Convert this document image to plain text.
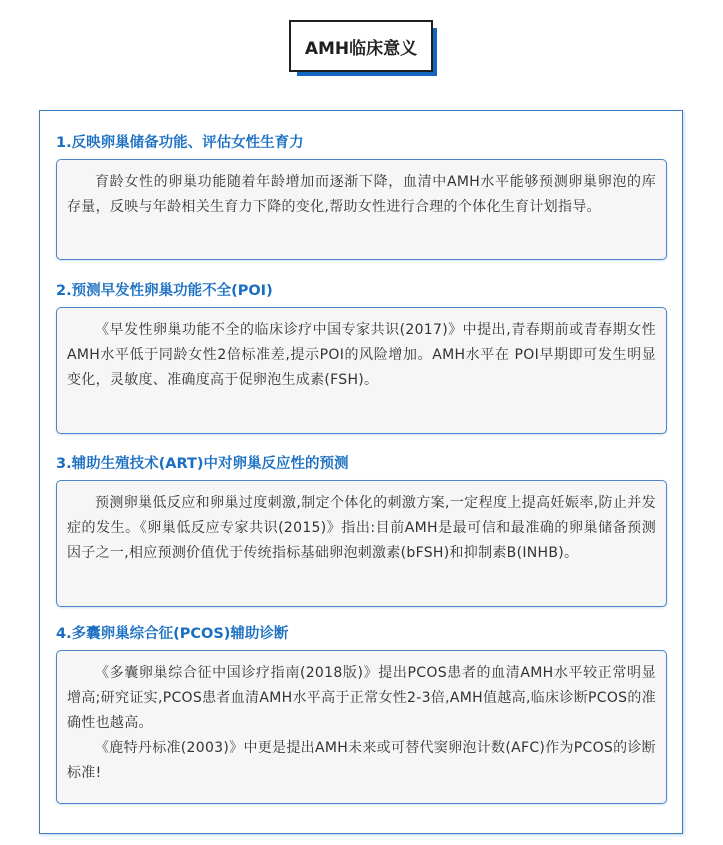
AMH临床意义
1.反映卵巢储备功能、评估女性生育力

育龄女性的卵巢功能随着年龄增加而逐渐下降，血清中AMH水平能够预测卵巢卵泡的库存量，反映与年龄相关生育力下降的变化,帮助女性进行合理的个体化生育计划指导。

2.预测早发性卵巢功能不全(POI)

《早发性卵巢功能不全的临床诊疗中国专家共识(2017)》中提出,青春期前或青春期女性AMH水平低于同龄女性2倍标准差,提示POI的风险增加。AMH水平在 POI早期即可发生明显变化，灵敏度、准确度高于促卵泡生成素(FSH)。

3.辅助生殖技术(ART)中对卵巢反应性的预测

预测卵巢低反应和卵巢过度刺激,制定个体化的刺激方案,一定程度上提高妊娠率,防止并发症的发生。《卵巢低反应专家共识(2015)》指出:目前AMH是最可信和最准确的卵巢储备预测因子之一,相应预测价值优于传统指标基础卵泡刺激素(bFSH)和抑制素B(INHB)。

4.多囊卵巢综合征(PCOS)辅助诊断

《多囊卵巢综合征中国诊疗指南(2018版)》提出PCOS患者的血清AMH水平较正常明显增高;研究证实,PCOS患者血清AMH水平高于正常女性2-3倍,AMH值越高,临床诊断PCOS的准确性也越高。

《鹿特丹标准(2003)》中更是提出AMH未来或可替代窦卵泡计数(AFC)作为PCOS的诊断标准!
